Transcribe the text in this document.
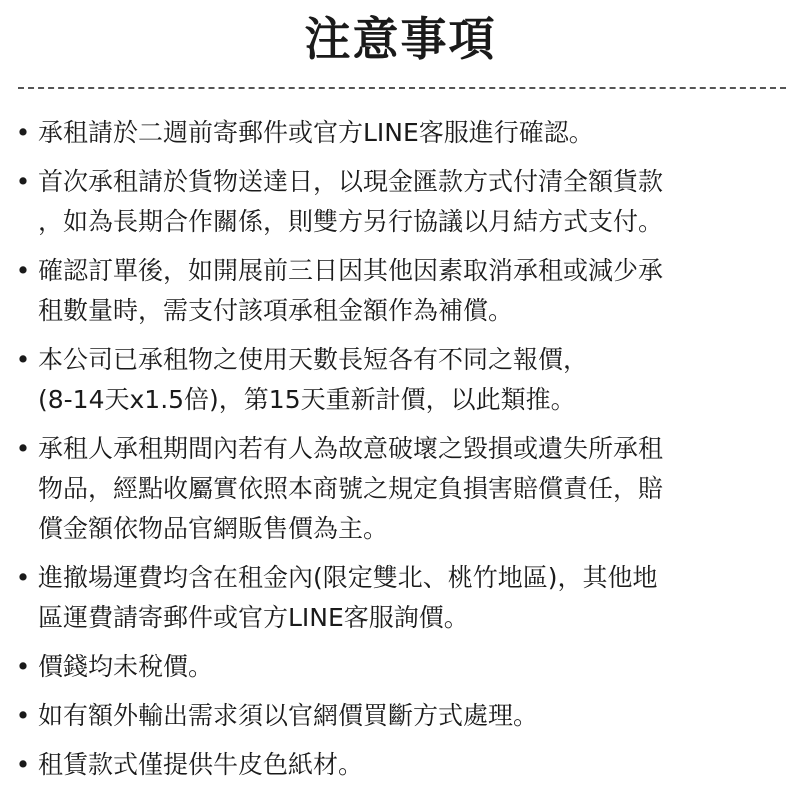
注意事項
• 承租請於二週前寄郵件或官方LINE客服進行確認。
• 首次承租請於貨物送達日，以現金匯款方式付清全額貨款
，如為長期合作關係，則雙方另行協議以月結方式支付。
• 確認訂單後，如開展前三日因其他因素取消承租或減少承
租數量時，需支付該項承租金額作為補償。
• 本公司已承租物之使用天數長短各有不同之報價，
(8-14天x1.5倍)，第15天重新計價，以此類推。
• 承租人承租期間內若有人為故意破壞之毀損或遺失所承租
物品，經點收屬實依照本商號之規定負損害賠償責任，賠
償金額依物品官網販售價為主。
• 進撤場運費均含在租金內(限定雙北、桃竹地區)，其他地
區運費請寄郵件或官方LINE客服詢價。
• 價錢均未稅價。
• 如有額外輸出需求須以官網價買斷方式處理。
• 租賃款式僅提供牛皮色紙材。
